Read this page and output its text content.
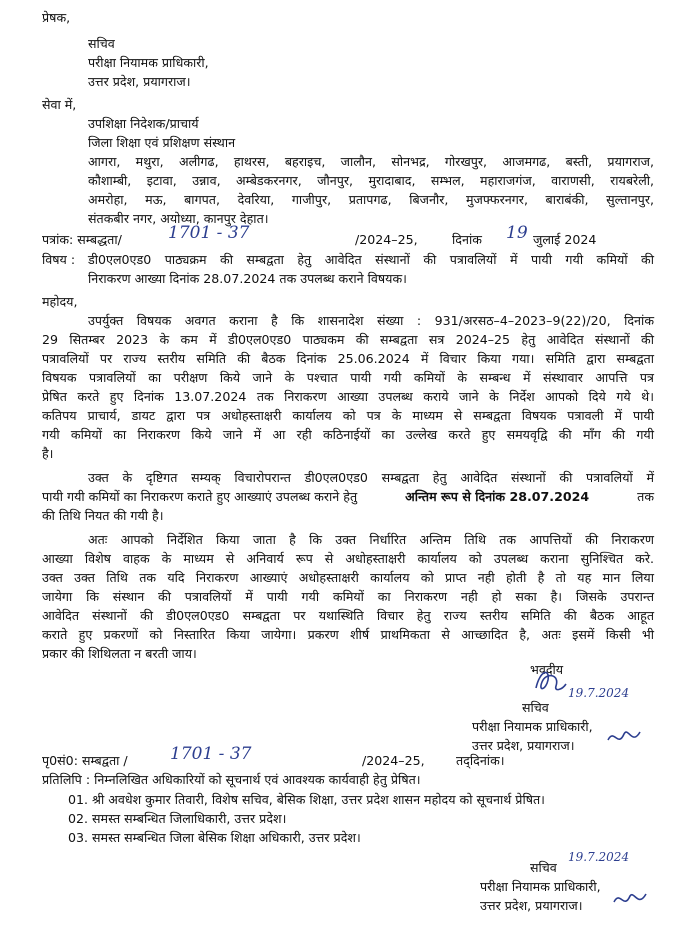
प्रेषक,
सचिव
परीक्षा नियामक प्राधिकारी,
उत्तर प्रदेश, प्रयागराज।
सेवा में,
उपशिक्षा निदेशक/प्राचार्य
जिला शिक्षा एवं प्रशिक्षण संस्थान
आगरा, मथुरा, अलीगढ, हाथरस, बहराइच, जालौन, सोनभद्र, गोरखपुर, आजमगढ, बस्ती, प्रयागराज,
कौशाम्बी, इटावा, उन्नाव, अम्बेडकरनगर, जौनपुर, मुरादाबाद, सम्भल, महाराजगंज, वाराणसी, रायबरेली,
अमरोहा, मऊ, बागपत, देवरिया, गाजीपुर, प्रतापगढ, बिजनौर, मुजफ्फरनगर, बाराबंकी, सुल्तानपुर,
संतकबीर नगर, अयोध्या, कानपुर देहात।
पत्रांक: सम्बद्धता/	1701 - 37	/2024–25,	दिनांक 19 जुलाई 2024
विषय : डी0एल0एड0 पाठ्यक्रम की सम्बद्वता हेतु आवेदित संस्थानों की पत्रावलियों में पायी गयी कमियों की
निराकरण आख्या दिनांक 28.07.2024 तक उपलब्ध कराने विषयक।
महोदय,
उपर्युक्त विषयक अवगत कराना है कि शासनादेश संख्या : 931/अरसठ–4–2023–9(22)/20, दिनांक
29 सितम्बर 2023 के कम में डी0एल0एड0 पाठ्यकम की सम्बद्वता सत्र 2024–25 हेतु आवेदित संस्थानों की
पत्रावलियों पर राज्य स्तरीय समिति की बैठक दिनांक 25.06.2024 में विचार किया गया। समिति द्वारा सम्बद्वता
विषयक पत्रावलियों का परीक्षण किये जाने के पश्चात पायी गयी कमियों के सम्बन्ध में संस्थावार आपत्ति पत्र
प्रेषित करते हुए दिनांक 13.07.2024 तक निराकरण आख्या उपलब्ध कराये जाने के निर्देश आपको दिये गये थे।
कतिपय प्राचार्य, डायट द्वारा पत्र अधोहस्ताक्षरी कार्यालय को पत्र के माध्यम से सम्बद्वता विषयक पत्रावली में पायी
गयी कमियों का निराकरण किये जाने में आ रही कठिनाईयों का उल्लेख करते हुए समयवृद्वि की माँग की गयी
है।
उक्त के दृष्टिगत सम्यक् विचारोपरान्त डी0एल0एड0 सम्बद्वता हेतु आवेदित संस्थानों की पत्रावलियों में
पायी गयी कमियों का निराकरण कराते हुए आख्याएं उपलब्ध कराने हेतु	अन्तिम रूप से दिनांक 28.07.2024	तक
की तिथि नियत की गयी है।
अतः आपको निर्देशित किया जाता है कि उक्त निर्धारित अन्तिम तिथि तक आपत्तियों की निराकरण
आख्या विशेष वाहक के माध्यम से अनिवार्य रूप से अधोहस्ताक्षरी कार्यालय को उपलब्ध कराना सुनिश्चित करे.
उक्त उक्त तिथि तक यदि निराकरण आख्याएं अधोहस्ताक्षरी कार्यालय को प्राप्त नही होती है तो यह मान लिया
जायेगा कि संस्थान की पत्रावलियों में पायी गयी कमियों का निराकरण नही हो सका है। जिसके उपरान्त
आवेदित संस्थानों की डी0एल0एड0 सम्बद्वता पर यथास्थिति विचार हेतु राज्य स्तरीय समिति की बैठक आहूत
कराते हुए प्रकरणों को निस्तारित किया जायेगा। प्रकरण शीर्ष प्राथमिकता से आच्छादित है, अतः इसमें किसी भी
प्रकार की शिथिलता न बरती जाय।
भवदीय
19.7.2024
सचिव
परीक्षा नियामक प्राधिकारी,
उत्तर प्रदेश, प्रयागराज।
पृ0सं0: सम्बद्वता / 1701 - 37	/2024–25, तद्‌दिनांक।
प्रतिलिपि : निम्नलिखित अधिकारियों को सूचनार्थ एवं आवश्यक कार्यवाही हेतु प्रेषित।
01. श्री अवधेश कुमार तिवारी, विशेष सचिव, बेसिक शिक्षा, उत्तर प्रदेश शासन महोदय को सूचनार्थ प्रेषित।
02. समस्त सम्बन्धित जिलाधिकारी, उत्तर प्रदेश।
03. समस्त सम्बन्धित जिला बेसिक शिक्षा अधिकारी, उत्तर प्रदेश।
सचिव
19.7.2024
परीक्षा नियामक प्राधिकारी,
उत्तर प्रदेश, प्रयागराज।
